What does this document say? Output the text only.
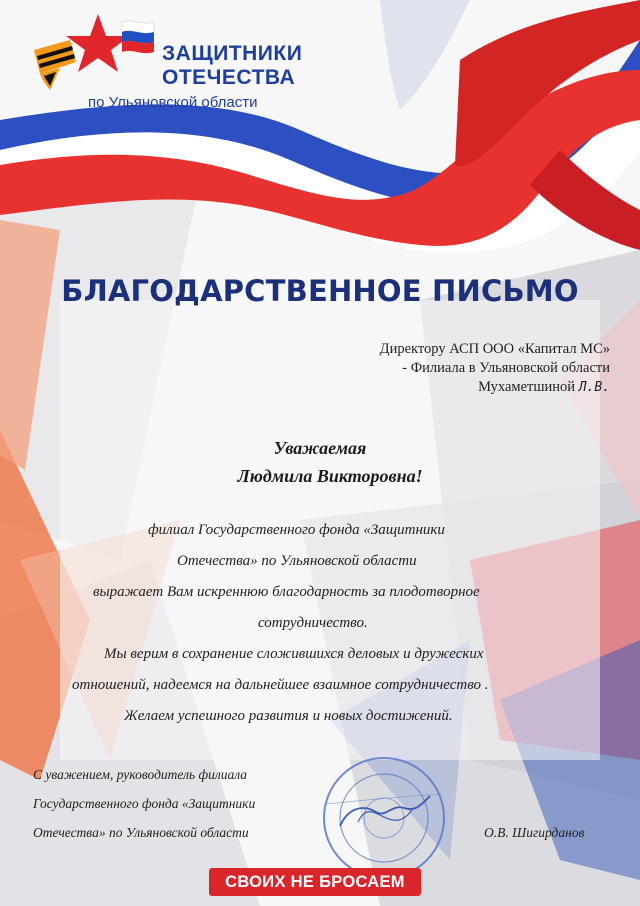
ЗАЩИТНИКИ
ОТЕЧЕСТВА
по Ульяновской области
БЛАГОДАРСТВЕННОЕ ПИСЬМО
Директору АСП ООО «Капитал МС»
- Филиала в Ульяновской области
Мухаметшиной Л.В.
Уважаемая
Людмила Викторовна!
филиал Государственного фонда «Защитники
Отечества» по Ульяновской области
выражает Вам искреннюю благодарность за плодотворное
сотрудничество.
Мы верим в сохранение сложившихся деловых и дружеских
отношений, надеемся на дальнейшее взаимное сотрудничество .
Желаем успешного развития и новых достижений.
С уважением, руководитель филиала
Государственного фонда «Защитники
Отечества» по Ульяновской области	О.В. Шигирданов
СВОИХ НЕ БРОСАЕМ
